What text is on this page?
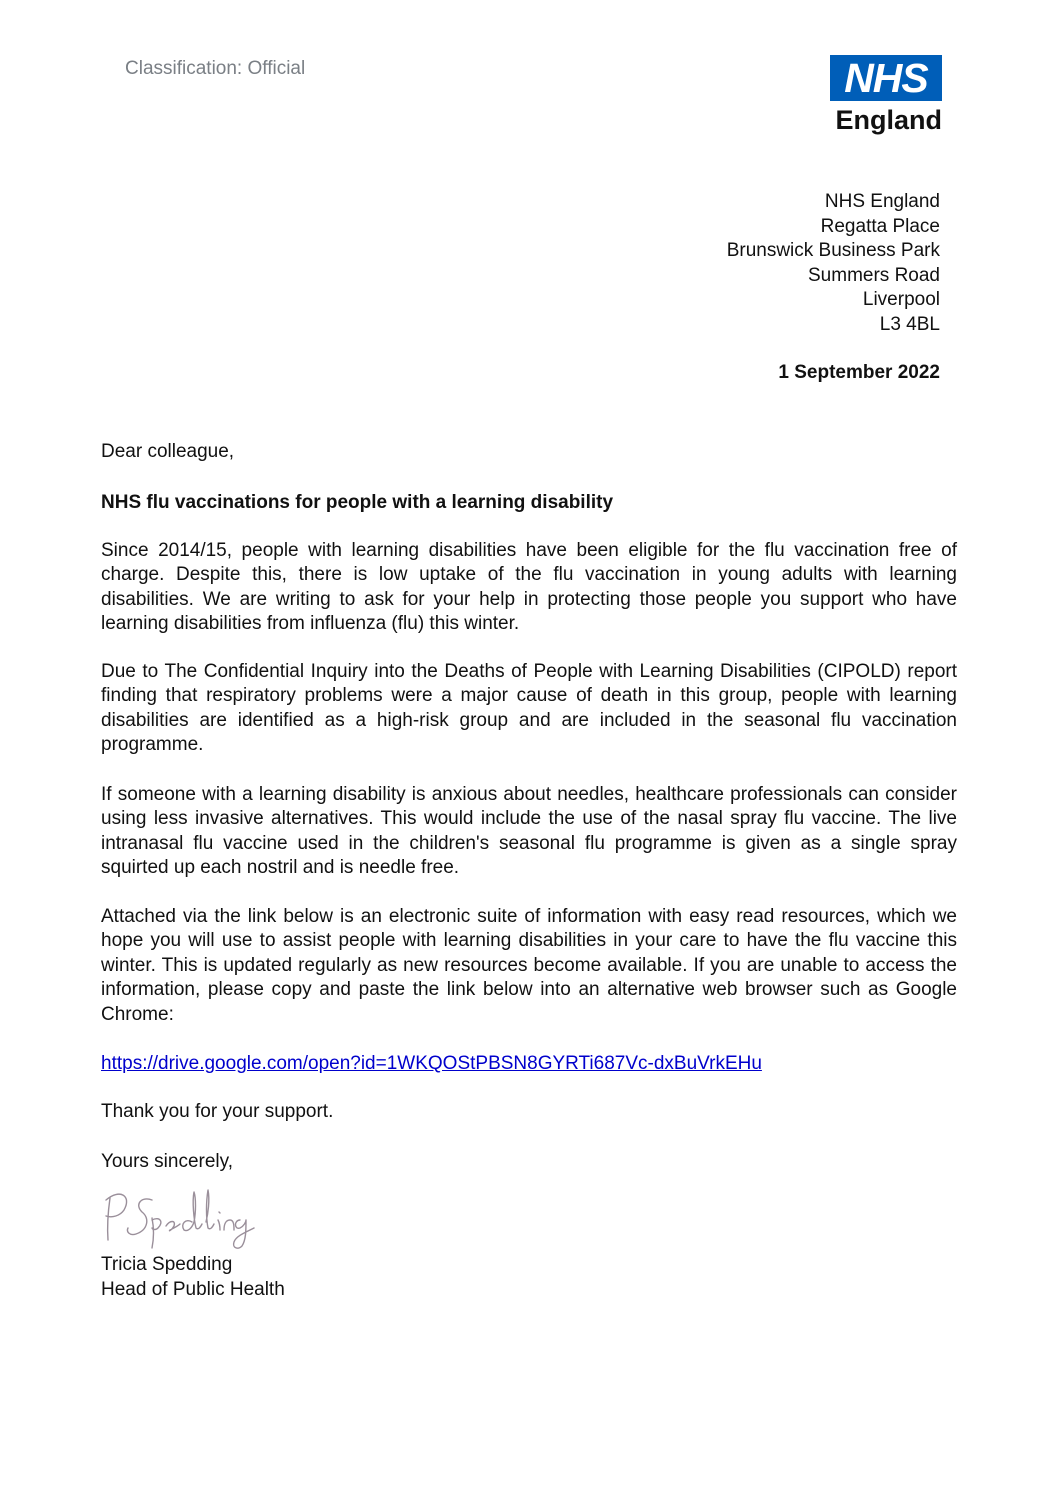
Classification: Official	NHS
England
NHS England
Regatta Place
Brunswick Business Park
Summers Road
Liverpool
L3 4BL
1 September 2022
Dear colleague,
NHS flu vaccinations for people with a learning disability

Since 2014/15, people with learning disabilities have been eligible for the flu vaccination free of charge. Despite this, there is low uptake of the flu vaccination in young adults with learning disabilities. We are writing to ask for your help in protecting those people you support who have learning disabilities from influenza (flu) this winter.

Due to The Confidential Inquiry into the Deaths of People with Learning Disabilities (CIPOLD) report finding that respiratory problems were a major cause of death in this group, people with learning disabilities are identified as a high-risk group and are included in the seasonal flu vaccination programme.

If someone with a learning disability is anxious about needles, healthcare professionals can consider using less invasive alternatives. This would include the use of the nasal spray flu vaccine. The live intranasal flu vaccine used in the children's seasonal flu programme is given as a single spray squirted up each nostril and is needle free.

Attached via the link below is an electronic suite of information with easy read resources, which we hope you will use to assist people with learning disabilities in your care to have the flu vaccine this winter. This is updated regularly as new resources become available. If you are unable to access the information, please copy and paste the link below into an alternative web browser such as Google Chrome:

https://drive.google.com/open?id=1WKQOStPBSN8GYRTi687Vc-dxBuVrkEHu
Thank you for your support.
Yours sincerely,
Tricia Spedding
Head of Public Health
